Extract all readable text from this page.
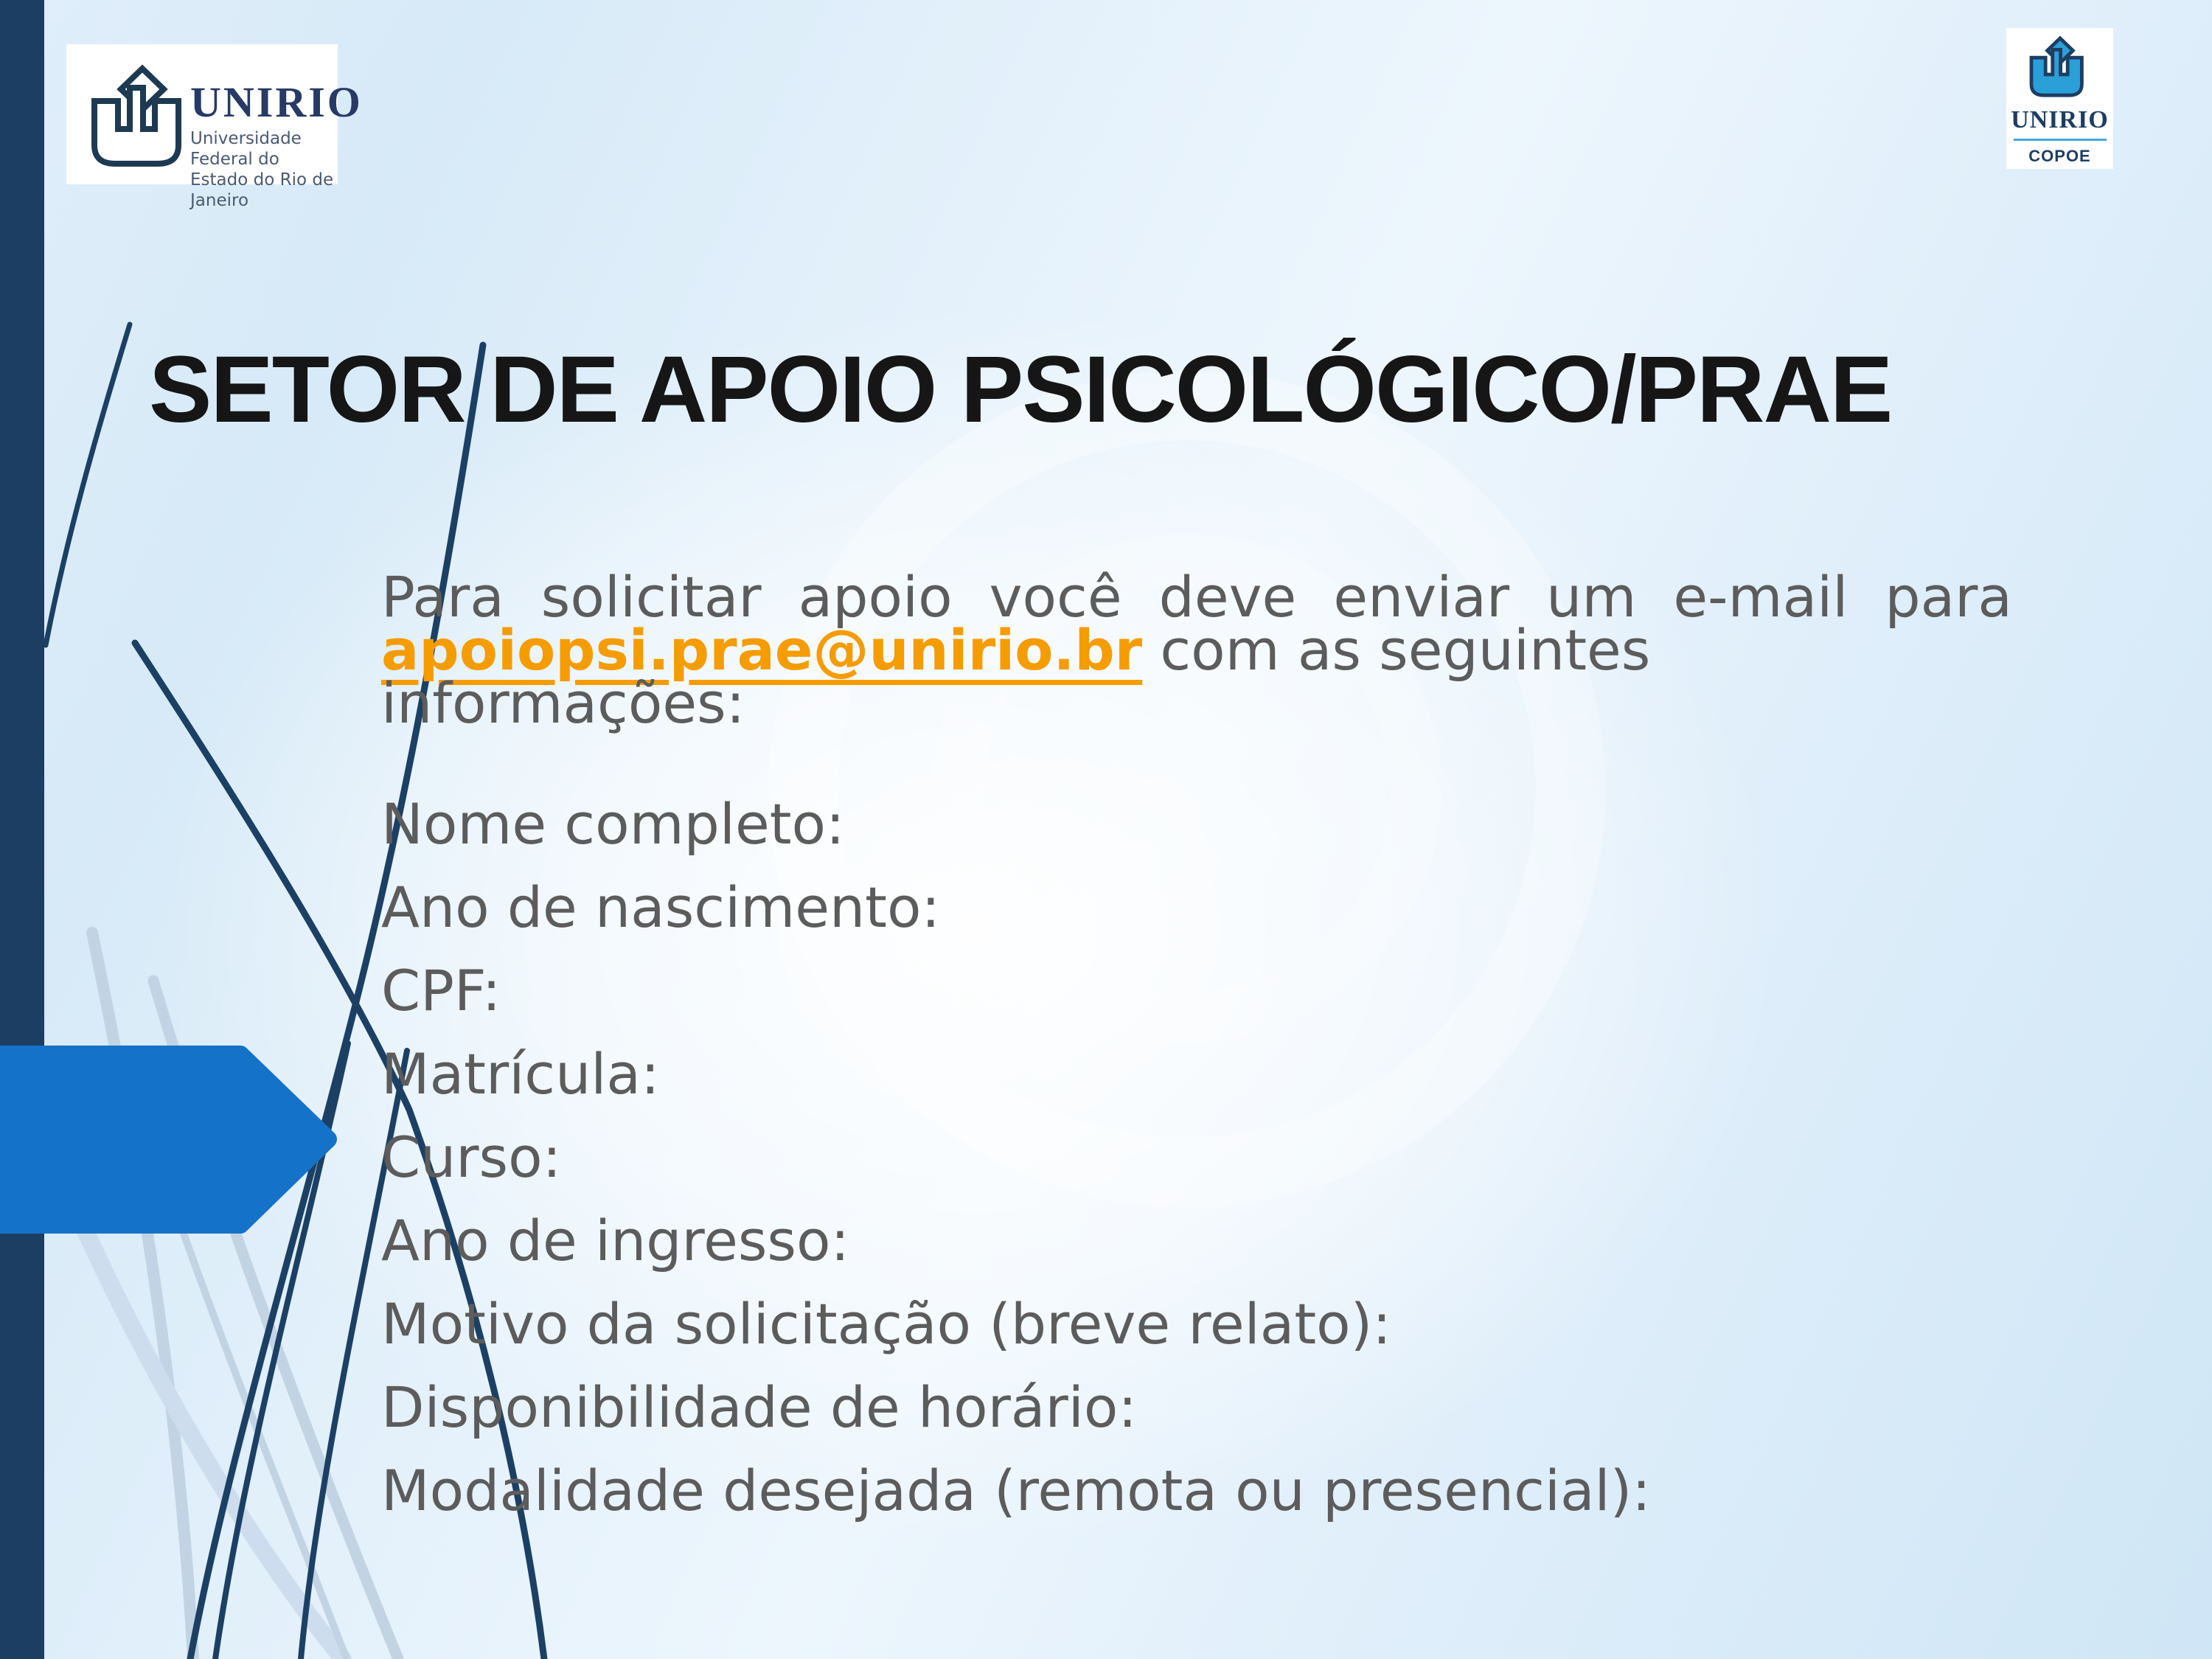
UNIRIO
Universidade Federal do
Estado do Rio de Janeiro
UNIRIO
COPOE
SETOR DE APOIO PSICOLÓGICO/PRAE
Para solicitar apoio você deve enviar um e-mail para
apoiopsi.prae@unirio.br com as seguintes informações:
Nome completo:
Ano de nascimento:
CPF:
Matrícula:
Curso:
Ano de ingresso:
Motivo da solicitação (breve relato):
Disponibilidade de horário:
Modalidade desejada (remota ou presencial):
